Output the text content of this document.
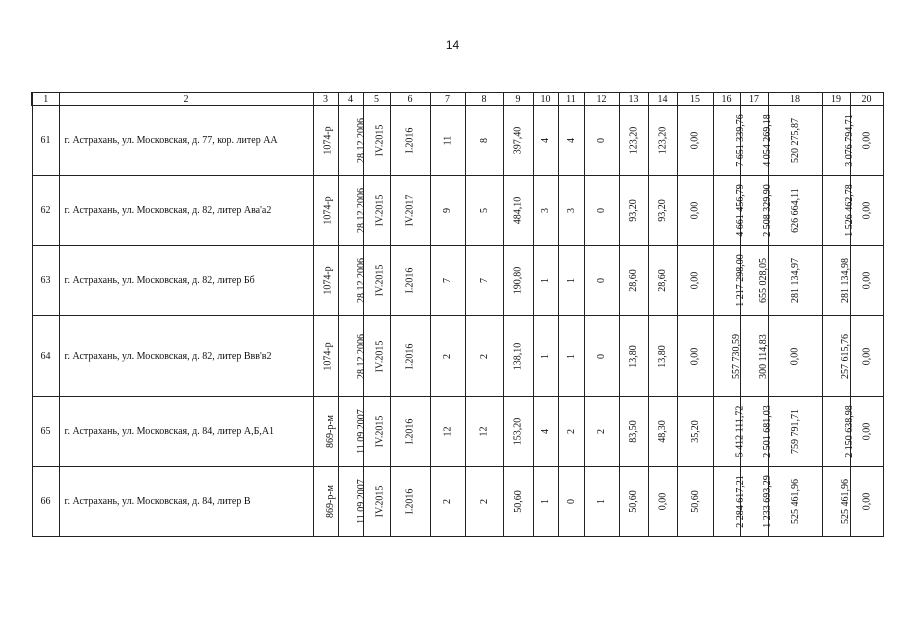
14
1	2	3	4	5	6	7	8	9	10	11	12	13	14	15	16	17	18	19	20
61	г. Астрахань, ул. Московская, д. 77, кор. литер АА	1074-р	28.12.2006	IV.2015	I.2016	11	8	397,40	4	4	0	123,20	123,20	0,00	7 651 339,76	4 054 269,18	520 275,87	3 076 794,71	0,00
62	г. Астрахань, ул. Московская, д. 82, литер Ава'а2	1074-р	28.12.2006	IV.2015	IV.2017	9	5	484,10	3	3	0	93,20	93,20	0,00	4 661 456,79	2 508 329,90	626 664,11	1 526 462,78	0,00
63	г. Астрахань, ул. Московская, д. 82, литер Бб	1074-р	28.12.2006	IV.2015	I.2016	7	7	190,80	1	1	0	28,60	28,60	0,00	1 217 298,00	655 028,05	281 134,97	281 134,98	0,00
64	г. Астрахань, ул. Московская, д. 82, литер Ввв'в2	1074-р	28.12.2006	IV.2015	I.2016	2	2	138,10	1	1	0	13,80	13,80	0,00	557 730,59	300 114,83	0,00	257 615,76	0,00
65	г. Астрахань, ул. Московская, д. 84, литер А,Б,А1	869-р-м	11.09.2007	IV.2015	I.2016	12	12	153,20	4	2	2	83,50	48,30	35,20	5 412 111,72	2 501 681,03	759 791,71	2 150 638,98	0,00
66	г. Астрахань, ул. Московская, д. 84, литер В	869-р-м	11.09.2007	IV.2015	I.2016	2	2	50,60	1	0	1	50,60	0,00	50,60	2 284 617,21	1 233 693,29	525 461,96	525 461,96	0,00
